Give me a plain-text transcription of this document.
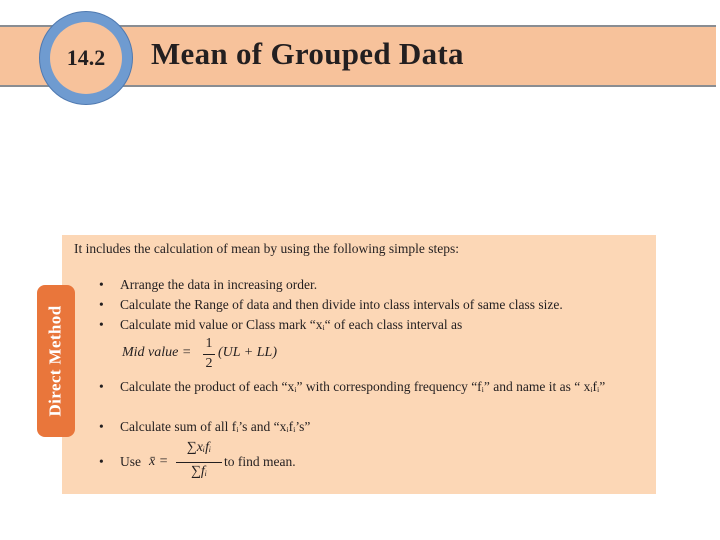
14.2	Mean of Grouped Data
Direct Method
It includes the calculation of mean by using the following simple steps:
• Arrange the data in increasing order.
• Calculate the Range of data and then divide into class intervals of same class size.
• Calculate mid value or Class mark “xᵢ“ of each class interval as
Mid value =
1
2
(UL + LL)
• Calculate the product of each “xᵢ” with corresponding frequency “fᵢ” and name it as “ xᵢfᵢ”
• Calculate sum of all fᵢ’s and “xᵢfᵢ’s”
• Use x̄ =
∑xᵢfᵢ
∑fᵢ
to find mean.
